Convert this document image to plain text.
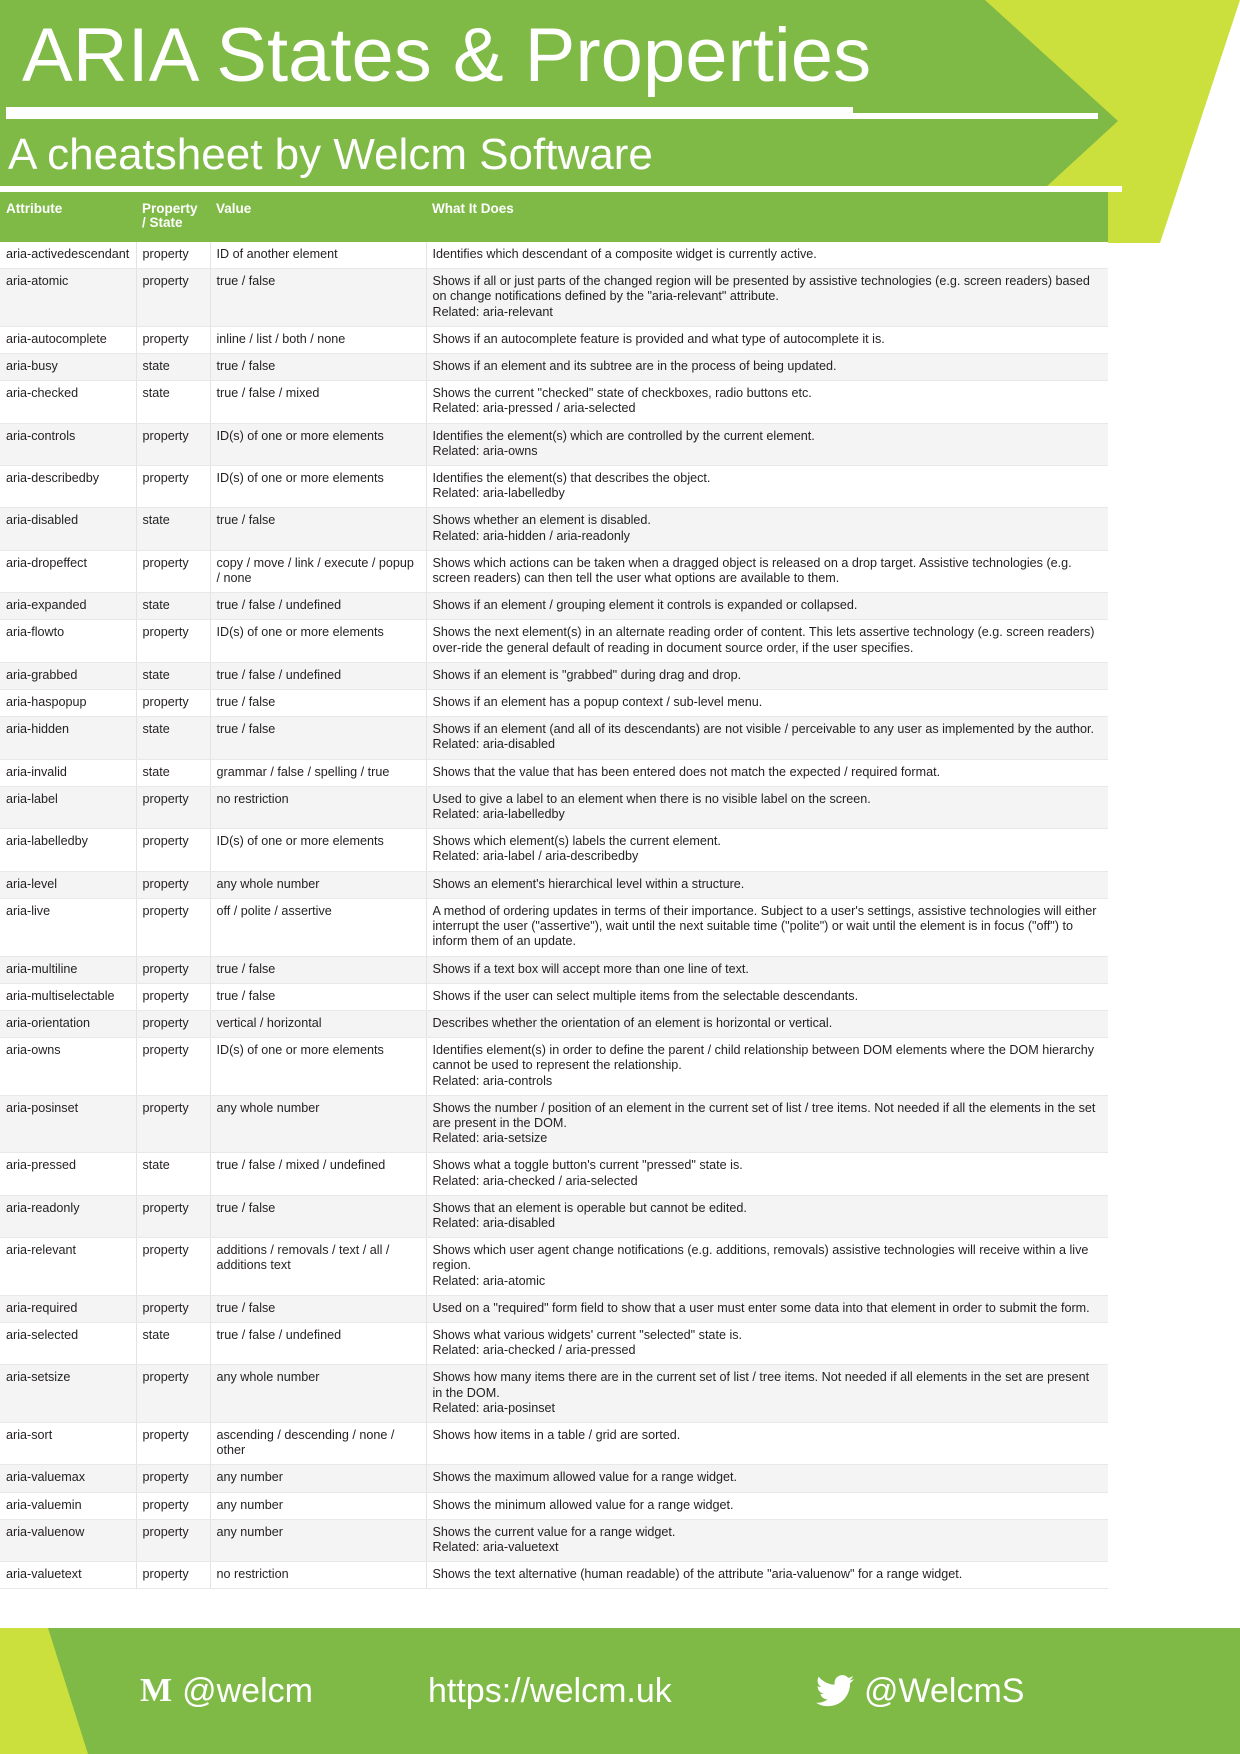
ARIA States & Properties
A cheatsheet by Welcm Software
Attribute	Property / State	Value	What It Does
aria-activedescendant	property	ID of another element	Identifies which descendant of a composite widget is currently active.
aria-atomic	property	true / false	Shows if all or just parts of the changed region will be presented by assistive technologies (e.g. screen readers) based on change notifications defined by the "aria-relevant" attribute.
Related: aria-relevant

aria-autocomplete	property	inline / list / both / none	Shows if an autocomplete feature is provided and what type of autocomplete it is.
aria-busy	state	true / false	Shows if an element and its subtree are in the process of being updated.
aria-checked	state	true / false / mixed	Shows the current "checked" state of checkboxes, radio buttons etc.
Related: aria-pressed / aria-selected

aria-controls	property	ID(s) of one or more elements	Identifies the element(s) which are controlled by the current element.
Related: aria-owns

aria-describedby	property	ID(s) of one or more elements	Identifies the element(s) that describes the object.
Related: aria-labelledby

aria-disabled	state	true / false	Shows whether an element is disabled.
Related: aria-hidden / aria-readonly

aria-dropeffect	property	copy / move / link / execute / popup / none	Shows which actions can be taken when a dragged object is released on a drop target. Assistive technologies (e.g. screen readers) can then tell the user what options are available to them.
aria-expanded	state	true / false / undefined	Shows if an element / grouping element it controls is expanded or collapsed.
aria-flowto	property	ID(s) of one or more elements	Shows the next element(s) in an alternate reading order of content. This lets assertive technology (e.g. screen readers) over-ride the general default of reading in document source order, if the user specifies.
aria-grabbed	state	true / false / undefined	Shows if an element is "grabbed" during drag and drop.
aria-haspopup	property	true / false	Shows if an element has a popup context / sub-level menu.
aria-hidden	state	true / false	Shows if an element (and all of its descendants) are not visible / perceivable to any user as implemented by the author.
Related: aria-disabled

aria-invalid	state	grammar / false / spelling / true	Shows that the value that has been entered does not match the expected / required format.
aria-label	property	no restriction	Used to give a label to an element when there is no visible label on the screen.
Related: aria-labelledby

aria-labelledby	property	ID(s) of one or more elements	Shows which element(s) labels the current element.
Related: aria-label / aria-describedby

aria-level	property	any whole number	Shows an element's hierarchical level within a structure.
aria-live	property	off / polite / assertive	A method of ordering updates in terms of their importance. Subject to a user's settings, assistive technologies will either interrupt the user ("assertive"), wait until the next suitable time ("polite") or wait until the element is in focus ("off") to inform them of an update.
aria-multiline	property	true / false	Shows if a text box will accept more than one line of text.
aria-multiselectable	property	true / false	Shows if the user can select multiple items from the selectable descendants.
aria-orientation	property	vertical / horizontal	Describes whether the orientation of an element is horizontal or vertical.
aria-owns	property	ID(s) of one or more elements	Identifies element(s) in order to define the parent / child relationship between DOM elements where the DOM hierarchy cannot be used to represent the relationship.
Related: aria-controls

aria-posinset	property	any whole number	Shows the number / position of an element in the current set of list / tree items. Not needed if all the elements in the set are present in the DOM.
Related: aria-setsize

aria-pressed	state	true / false / mixed / undefined	Shows what a toggle button's current "pressed" state is.
Related: aria-checked / aria-selected

aria-readonly	property	true / false	Shows that an element is operable but cannot be edited.
Related: aria-disabled

aria-relevant	property	additions / removals / text / all / additions text	Shows which user agent change notifications (e.g. additions, removals) assistive technologies will receive within a live region.
Related: aria-atomic

aria-required	property	true / false	Used on a "required" form field to show that a user must enter some data into that element in order to submit the form.
aria-selected	state	true / false / undefined	Shows what various widgets' current "selected" state is.
Related: aria-checked / aria-pressed

aria-setsize	property	any whole number	Shows how many items there are in the current set of list / tree items. Not needed if all elements in the set are present in the DOM.
Related: aria-posinset

aria-sort	property	ascending / descending / none / other	Shows how items in a table / grid are sorted.
aria-valuemax	property	any number	Shows the maximum allowed value for a range widget.
aria-valuemin	property	any number	Shows the minimum allowed value for a range widget.
aria-valuenow	property	any number	Shows the current value for a range widget.
Related: aria-valuetext

aria-valuetext	property	no restriction	Shows the text alternative (human readable) of the attribute "aria-valuenow" for a range widget.
M @welcm	https://welcm.uk	@WelcmS
